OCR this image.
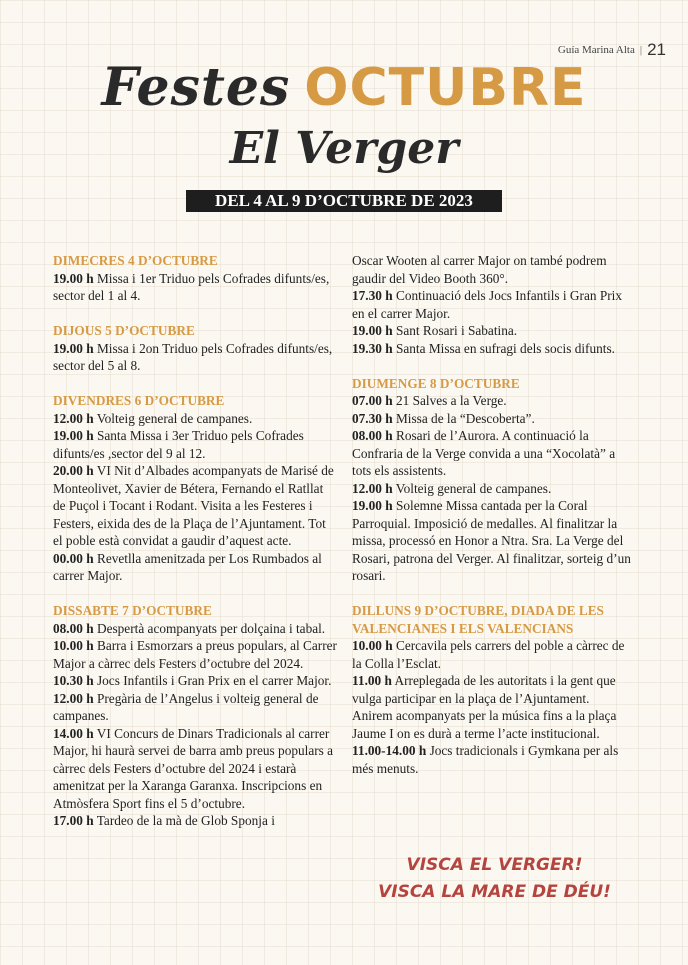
Guía Marina Alta | 21
Festes OCTUBRE
El Verger
DEL 4 AL 9 D’OCTUBRE DE 2023
DIMECRES 4 D’OCTUBRE

19.00 h Missa i 1er Triduo pels Cofrades difunts/es, sector del 1 al 4.

DIJOUS 5 D’OCTUBRE

19.00 h Missa i 2on Triduo pels Cofrades difunts/es, sector del 5 al 8.

DIVENDRES 6 D’OCTUBRE

12.00 h Volteig general de campanes.

19.00 h Santa Missa i 3er Triduo pels Cofrades difunts/es ,sector del 9 al 12.

20.00 h VI Nit d’Albades acompanyats de Marisé de Monteolivet, Xavier de Bétera, Fernando el Ratllat de Puçol i Tocant i Rodant. Visita a les Festeres i Festers, eixida des de la Plaça de l’Ajuntament. Tot el poble està convidat a gaudir d’aquest acte.

00.00 h Revetlla amenitzada per Los Rumbados al carrer Major.

DISSABTE 7 D’OCTUBRE

08.00 h Despertà acompanyats per dolçaina i tabal.

10.00 h Barra i Esmorzars a preus populars, al Carrer Major a càrrec dels Festers d’octubre del 2024.

10.30 h Jocs Infantils i Gran Prix en el carrer Major.

12.00 h Pregària de l’Angelus i volteig general de campanes.

14.00 h VI Concurs de Dinars Tradicionals al carrer Major, hi haurà servei de barra amb preus populars a càrrec dels Festers d’octubre del 2024 i estarà amenitzat per la Xaranga Garanxa. Inscripcions en Atmòsfera Sport fins el 5 d’octubre.

17.00 h Tardeo de la mà de Glob Sponja i

Oscar Wooten al carrer Major on també podrem gaudir del Video Booth 360°.

17.30 h Continuació dels Jocs Infantils i Gran Prix en el carrer Major.

19.00 h Sant Rosari i Sabatina.

19.30 h Santa Missa en sufragi dels socis difunts.

DIUMENGE 8 D’OCTUBRE

07.00 h 21 Salves a la Verge.

07.30 h Missa de la “Descoberta”.

08.00 h Rosari de l’Aurora. A continuació la Confraria de la Verge convida a una “Xocolatà” a tots els assistents.

12.00 h Volteig general de campanes.

19.00 h Solemne Missa cantada per la Coral Parroquial. Imposició de medalles. Al finalitzar la missa, processó en Honor a Ntra. Sra. La Verge del Rosari, patrona del Verger. Al finalitzar, sorteig d’un rosari.

DILLUNS 9 D’OCTUBRE, DIADA DE LES VALENCIANES I ELS VALENCIANS

10.00 h Cercavila pels carrers del poble a càrrec de la Colla l’Esclat.

11.00 h Arreplegada de les autoritats i la gent que vulga participar en la plaça de l’Ajuntament.

Anirem acompanyats per la música fins a la plaça Jaume I on es durà a terme l’acte institucional.

11.00-14.00 h Jocs tradicionals i Gymkana per als més menuts.

VISCA EL VERGER!
VISCA LA MARE DE DÉU!
